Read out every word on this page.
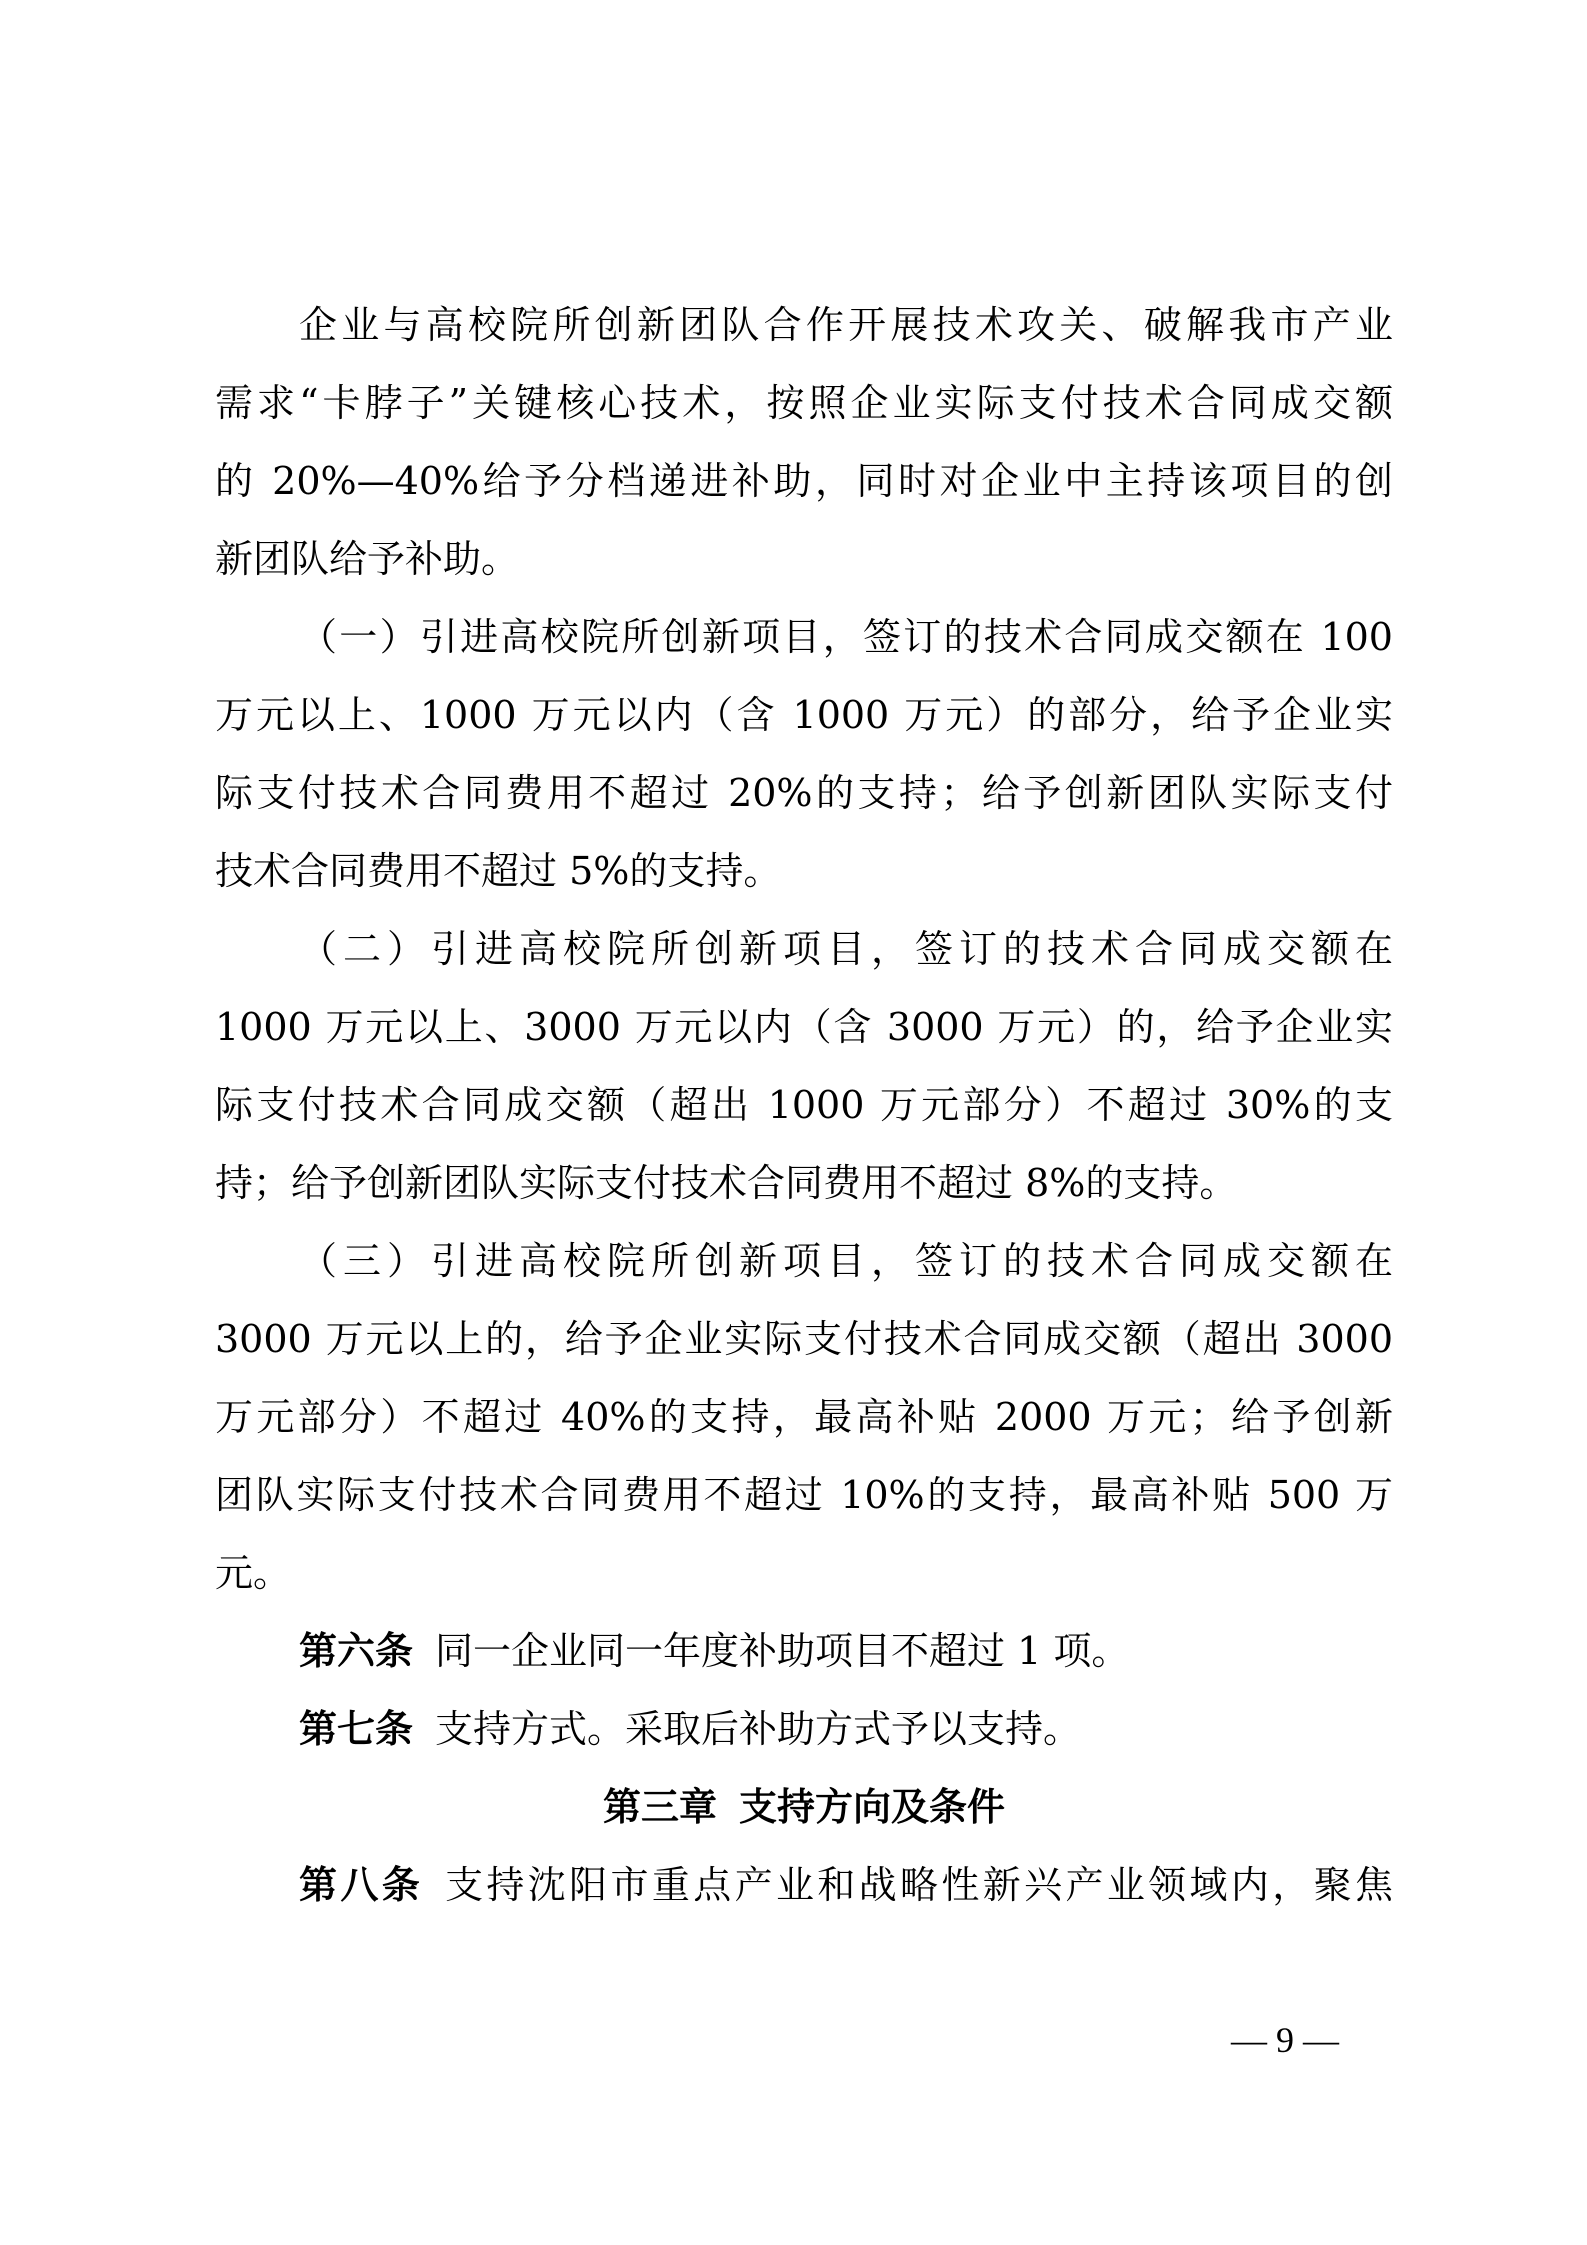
企业与高校院所创新团队合作开展技术攻关、破解我市产业
需求“卡脖子”关键核心技术，按照企业实际支付技术合同成交额
的 20%—40%给予分档递进补助，同时对企业中主持该项目的创
新团队给予补助。
（一）引进高校院所创新项目，签订的技术合同成交额在 100
万元以上、1000 万元以内（含 1000 万元）的部分，给予企业实
际支付技术合同费用不超过 20%的支持；给予创新团队实际支付
技术合同费用不超过 5%的支持。
（二）引进高校院所创新项目，签订的技术合同成交额在
1000 万元以上、3000 万元以内（含 3000 万元）的，给予企业实
际支付技术合同成交额（超出 1000 万元部分）不超过 30%的支
持；给予创新团队实际支付技术合同费用不超过 8%的支持。
（三）引进高校院所创新项目，签订的技术合同成交额在
3000 万元以上的，给予企业实际支付技术合同成交额（超出 3000
万元部分）不超过 40%的支持，最高补贴 2000 万元；给予创新
团队实际支付技术合同费用不超过 10%的支持，最高补贴 500 万
元。
第六条 同一企业同一年度补助项目不超过 1 项。
第七条 支持方式。采取后补助方式予以支持。
第三章 支持方向及条件
第八条 支持沈阳市重点产业和战略性新兴产业领域内，聚焦
— 9 —
